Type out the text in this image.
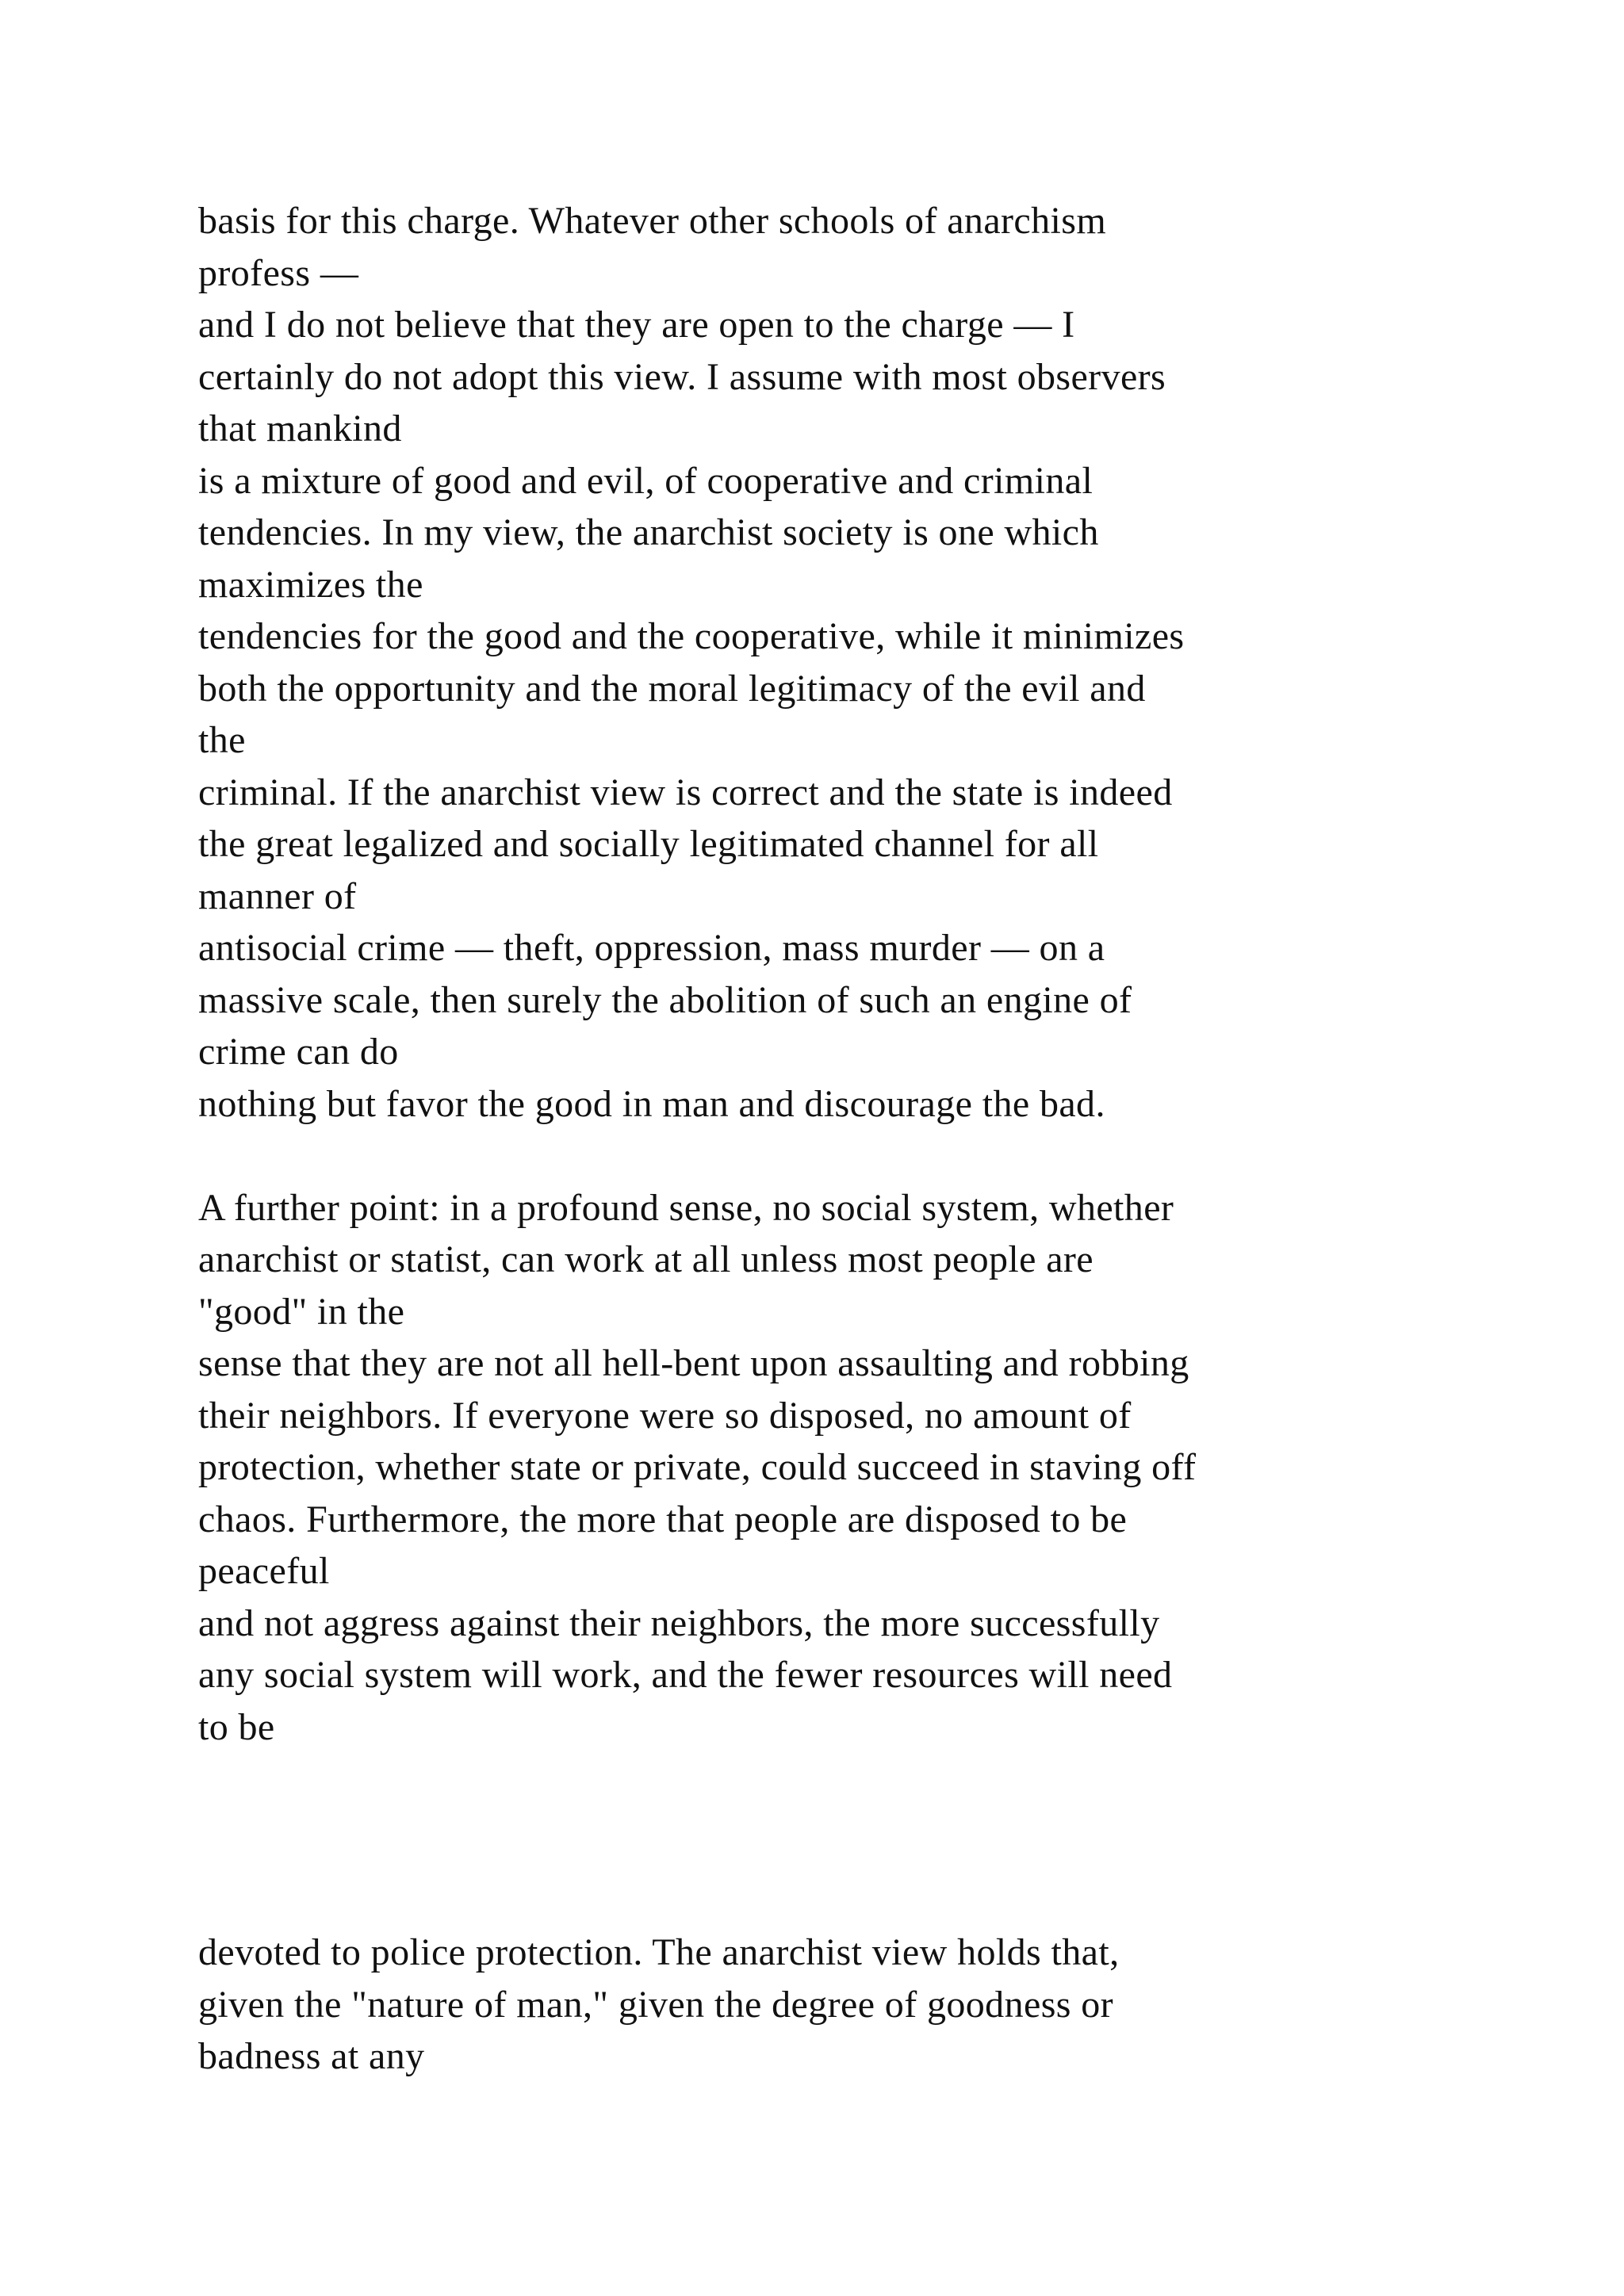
basis for this charge. Whatever other schools of anarchism
profess —
and I do not believe that they are open to the charge — I
certainly do not adopt this view. I assume with most observers
that mankind
is a mixture of good and evil, of cooperative and criminal
tendencies. In my view, the anarchist society is one which
maximizes the
tendencies for the good and the cooperative, while it minimizes
both the opportunity and the moral legitimacy of the evil and
the
criminal. If the anarchist view is correct and the state is indeed
the great legalized and socially legitimated channel for all
manner of
antisocial crime — theft, oppression, mass murder — on a
massive scale, then surely the abolition of such an engine of
crime can do
nothing but favor the good in man and discourage the bad.
A further point: in a profound sense, no social system, whether
anarchist or statist, can work at all unless most people are
"good" in the
sense that they are not all hell-bent upon assaulting and robbing
their neighbors. If everyone were so disposed, no amount of
protection, whether state or private, could succeed in staving off
chaos. Furthermore, the more that people are disposed to be
peaceful
and not aggress against their neighbors, the more successfully
any social system will work, and the fewer resources will need
to be
devoted to police protection. The anarchist view holds that,
given the "nature of man," given the degree of goodness or
badness at any
